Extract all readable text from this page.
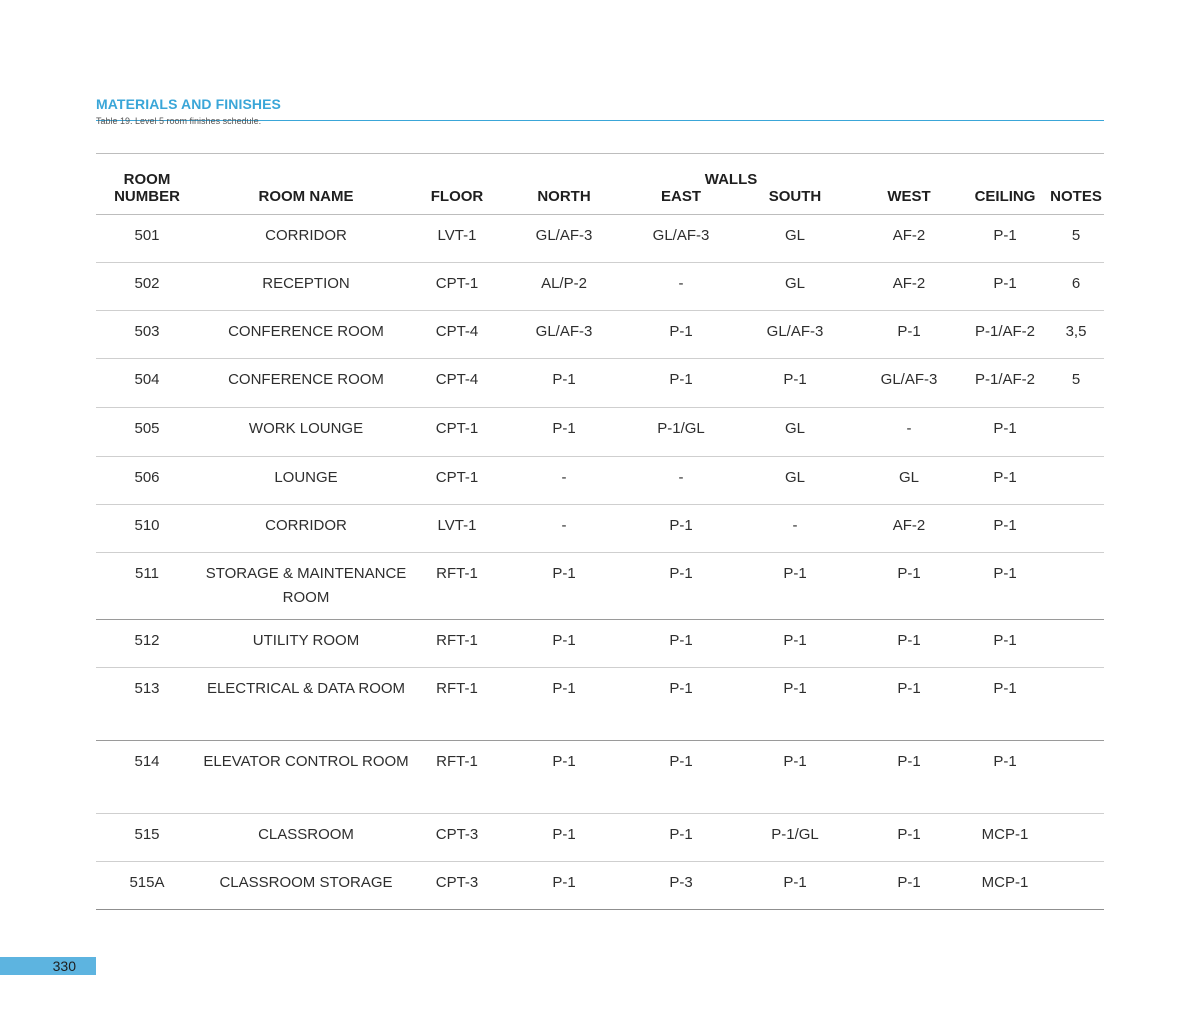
MATERIALS AND FINISHES
Table 19. Level 5 room finishes schedule.
ROOM			WALLS					
NUMBER	ROOM NAME	FLOOR	NORTH	EAST	SOUTH	WEST	CEILING	NOTES
501	CORRIDOR	LVT-1	GL/AF-3	GL/AF-3	GL	AF-2	P-1	5
502	RECEPTION	CPT-1	AL/P-2	-	GL	AF-2	P-1	6
503	CONFERENCE ROOM	CPT-4	GL/AF-3	P-1	GL/AF-3	P-1	P-1/AF-2	3,5
504	CONFERENCE ROOM	CPT-4	P-1	P-1	P-1	GL/AF-3	P-1/AF-2	5
505	WORK LOUNGE	CPT-1	P-1	P-1/GL	GL	-	P-1	
506	LOUNGE	CPT-1	-	-	GL	GL	P-1	
510	CORRIDOR	LVT-1	-	P-1	-	AF-2	P-1	
511	STORAGE & MAINTENANCE ROOM	RFT-1	P-1	P-1	P-1	P-1	P-1	
512	UTILITY ROOM	RFT-1	P-1	P-1	P-1	P-1	P-1	
513	ELECTRICAL & DATA ROOM	RFT-1	P-1	P-1	P-1	P-1	P-1	
514	ELEVATOR CONTROL ROOM	RFT-1	P-1	P-1	P-1	P-1	P-1	
515	CLASSROOM	CPT-3	P-1	P-1	P-1/GL	P-1	MCP-1	
515A	CLASSROOM STORAGE	CPT-3	P-1	P-3	P-1	P-1	MCP-1	
330
